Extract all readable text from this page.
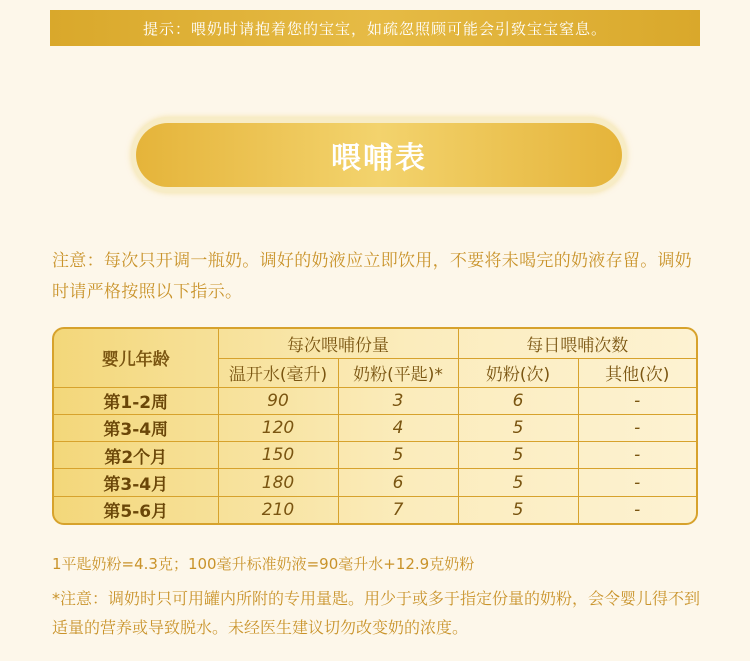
提示：喂奶时请抱着您的宝宝，如疏忽照顾可能会引致宝宝窒息。
喂哺表
注意：每次只开调一瓶奶。调好的奶液应立即饮用，不要将未喝完的奶液存留。调奶时请严格按照以下指示。
婴儿年龄	每次喂哺份量		每日喂哺次数	
	温开水(毫升)	奶粉(平匙)*	奶粉(次)	其他(次)
第1-2周	90	3	6	-
第3-4周	120	4	5	-
第2个月	150	5	5	-
第3-4月	180	6	5	-
第5-6月	210	7	5	-
1平匙奶粉=4.3克；100毫升标准奶液=90毫升水+12.9克奶粉
*注意：调奶时只可用罐内所附的专用量匙。用少于或多于指定份量的奶粉，会令婴儿得不到适量的营养或导致脱水。未经医生建议切勿改变奶的浓度。
